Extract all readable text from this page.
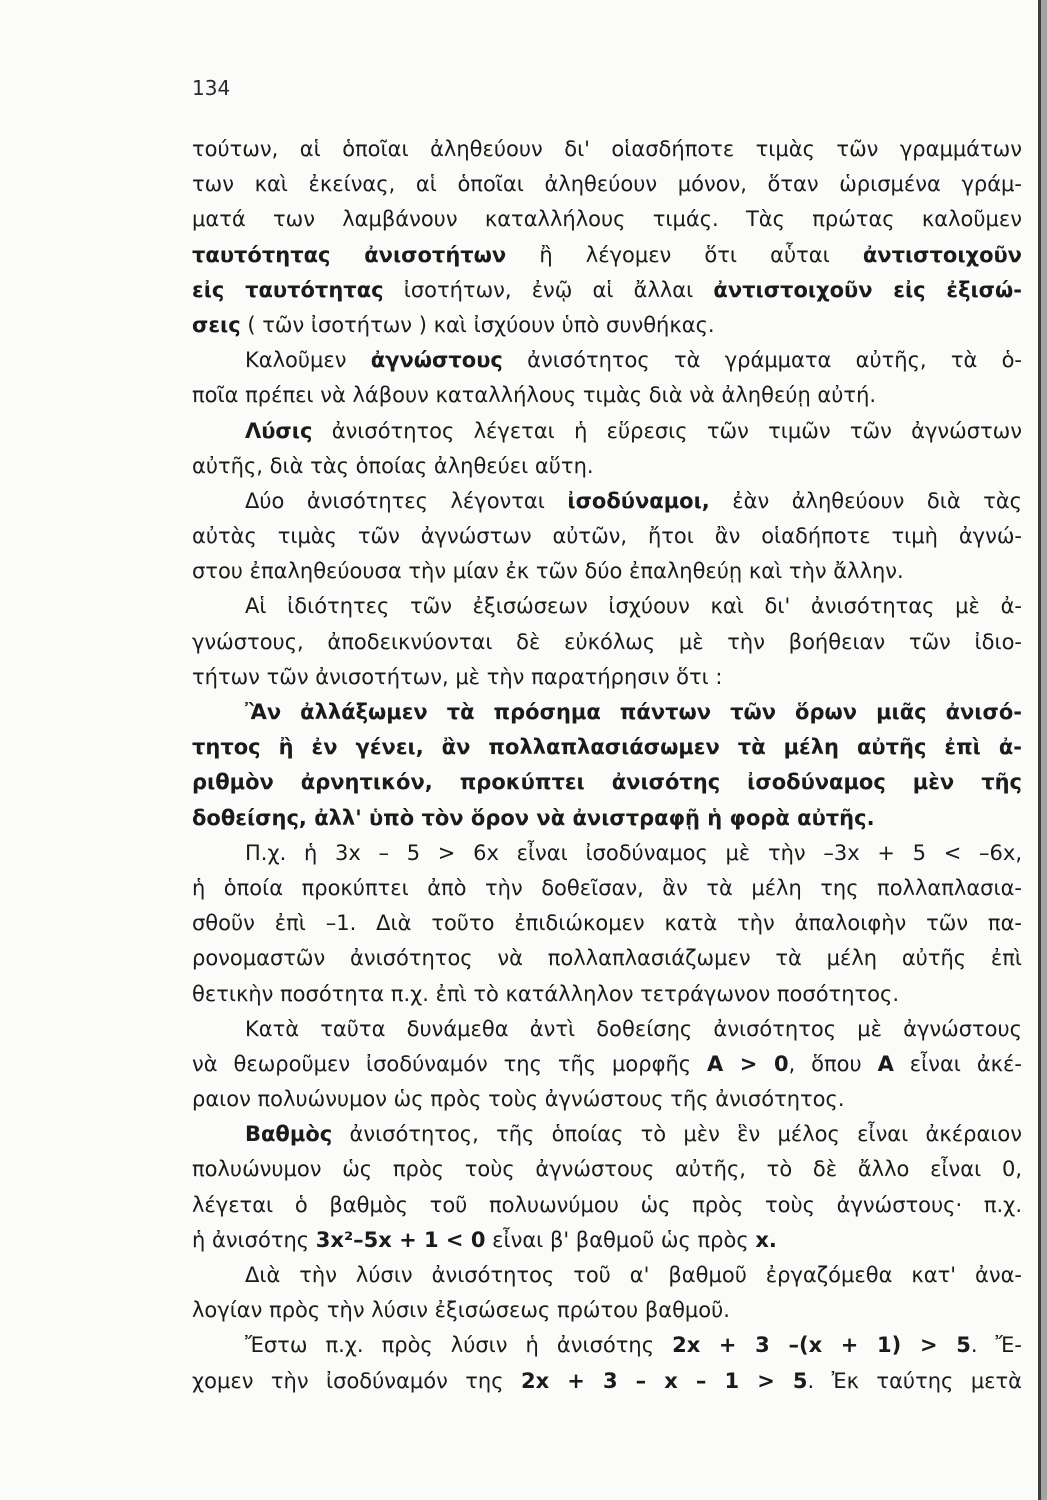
134
τούτων, αἱ ὁποῖαι ἀληθεύουν δι' οἱασδήποτε τιμὰς τῶν γραμμάτων
των καὶ ἐκείνας, αἱ ὁποῖαι ἀληθεύουν μόνον, ὅταν ὡρισμένα γράμ-
ματά των λαμβάνουν καταλλήλους τιμάς. Τὰς πρώτας καλοῦμεν
ταυτότητας ἀνισοτήτων ἢ λέγομεν ὅτι αὗται ἀντιστοιχοῦν
εἰς ταυτότητας ἰσοτήτων, ἐνῷ αἱ ἄλλαι ἀντιστοιχοῦν εἰς ἐξισώ-
σεις ( τῶν ἰσοτήτων ) καὶ ἰσχύουν ὑπὸ συνθήκας.
Καλοῦμεν ἀγνώστους ἀνισότητος τὰ γράμματα αὐτῆς, τὰ ὁ-
ποῖα πρέπει νὰ λάβουν καταλλήλους τιμὰς διὰ νὰ ἀληθεύῃ αὐτή.
Λύσις ἀνισότητος λέγεται ἡ εὕρεσις τῶν τιμῶν τῶν ἀγνώστων
αὐτῆς, διὰ τὰς ὁποίας ἀληθεύει αὕτη.
Δύο ἀνισότητες λέγονται ἰσοδύναμοι, ἐὰν ἀληθεύουν διὰ τὰς
αὐτὰς τιμὰς τῶν ἀγνώστων αὐτῶν, ἤτοι ἂν οἱαδήποτε τιμὴ ἀγνώ-
στου ἐπαληθεύουσα τὴν μίαν ἐκ τῶν δύο ἐπαληθεύῃ καὶ τὴν ἄλλην.
Αἱ ἰδιότητες τῶν ἐξισώσεων ἰσχύουν καὶ δι' ἀνισότητας μὲ ἀ-
γνώστους, ἀποδεικνύονται δὲ εὐκόλως μὲ τὴν βοήθειαν τῶν ἰδιο-
τήτων τῶν ἀνισοτήτων, μὲ τὴν παρατήρησιν ὅτι :
Ἂν ἀλλάξωμεν τὰ πρόσημα πάντων τῶν ὅρων μιᾶς ἀνισό-
τητος ἢ ἐν γένει, ἂν πολλαπλασιάσωμεν τὰ μέλη αὐτῆς ἐπὶ ἀ-
ριθμὸν ἀρνητικόν, προκύπτει ἀνισότης ἰσοδύναμος μὲν τῆς
δοθείσης, ἀλλ' ὑπὸ τὸν ὅρον νὰ ἀνιστραφῇ ἡ φορὰ αὐτῆς.
Π.χ. ἡ 3x – 5 > 6x εἶναι ἰσοδύναμος μὲ τὴν –3x + 5 < –6x,
ἡ ὁποία προκύπτει ἀπὸ τὴν δοθεῖσαν, ἂν τὰ μέλη της πολλαπλασια-
σθοῦν ἐπὶ –1. Διὰ τοῦτο ἐπιδιώκομεν κατὰ τὴν ἀπαλοιφὴν τῶν πα-
ρονομαστῶν ἀνισότητος νὰ πολλαπλασιάζωμεν τὰ μέλη αὐτῆς ἐπὶ
θετικὴν ποσότητα π.χ. ἐπὶ τὸ κατάλληλον τετράγωνον ποσότητος.
Κατὰ ταῦτα δυνάμεθα ἀντὶ δοθείσης ἀνισότητος μὲ ἀγνώστους
νὰ θεωροῦμεν ἰσοδύναμόν της τῆς μορφῆς Α > 0, ὅπου Α εἶναι ἀκέ-
ραιον πολυώνυμον ὡς πρὸς τοὺς ἀγνώστους τῆς ἀνισότητος.
Βαθμὸς ἀνισότητος, τῆς ὁποίας τὸ μὲν ἓν μέλος εἶναι ἀκέραιον
πολυώνυμον ὡς πρὸς τοὺς ἀγνώστους αὐτῆς, τὸ δὲ ἄλλο εἶναι 0,
λέγεται ὁ βαθμὸς τοῦ πολυωνύμου ὡς πρὸς τοὺς ἀγνώστους· π.χ.
ἡ ἀνισότης 3x²–5x + 1 < 0 εἶναι β' βαθμοῦ ὡς πρὸς x.
Διὰ τὴν λύσιν ἀνισότητος τοῦ α' βαθμοῦ ἐργαζόμεθα κατ' ἀνα-
λογίαν πρὸς τὴν λύσιν ἐξισώσεως πρώτου βαθμοῦ.
Ἔστω π.χ. πρὸς λύσιν ἡ ἀνισότης 2x + 3 –(x + 1) > 5. Ἔ-
χομεν τὴν ἰσοδύναμόν της 2x + 3 – x – 1 > 5. Ἐκ ταύτης μετὰ
